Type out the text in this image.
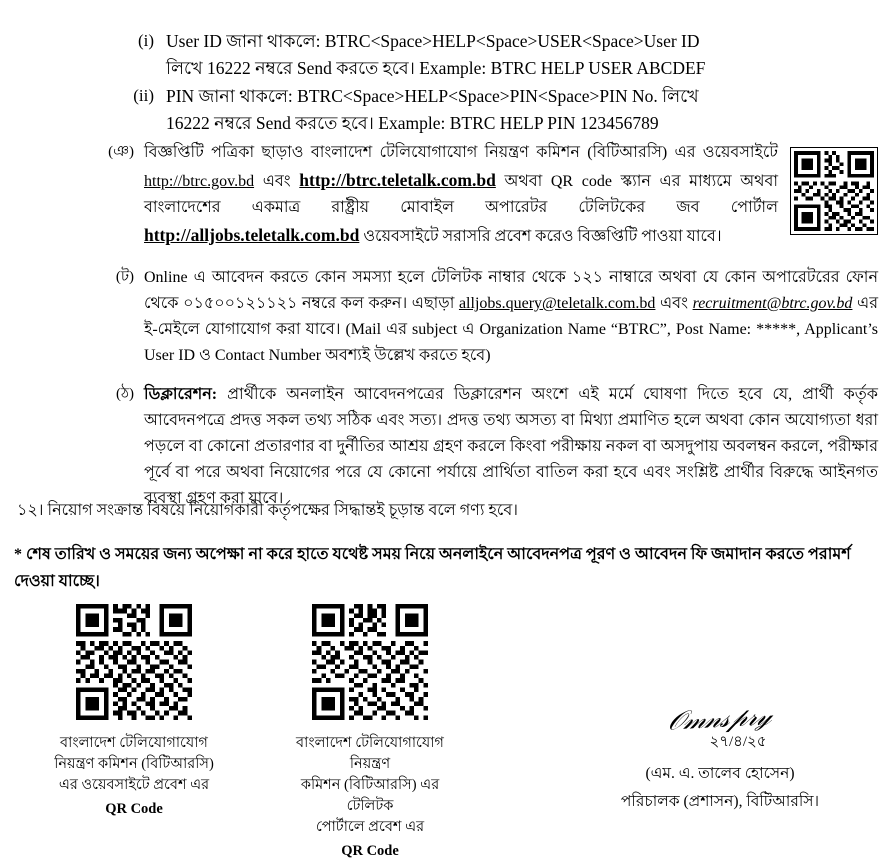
(i) User ID জানা থাকলে: BTRC<Space>HELP<Space>USER<Space>User ID
লিখে 16222 নম্বরে Send করতে হবে। Example: BTRC HELP USER ABCDEF
(ii) PIN জানা থাকলে: BTRC<Space>HELP<Space>PIN<Space>PIN No. লিখে
16222 নম্বরে Send করতে হবে। Example: BTRC HELP PIN 123456789
(ঞ) বিজ্ঞপ্তিটি পত্রিকা ছাড়াও বাংলাদেশ টেলিযোগাযোগ নিয়ন্ত্রণ কমিশন (বিটিআরসি) এর ওয়েবসাইটে http://btrc.gov.bd এবং http://btrc.teletalk.com.bd অথবা QR code স্ক্যান এর মাধ্যমে অথবা বাংলাদেশের একমাত্র রাষ্ট্রীয় মোবাইল অপারেটর টেলিটকের জব পোর্টাল http://alljobs.teletalk.com.bd ওয়েবসাইটে সরাসরি প্রবেশ করেও বিজ্ঞপ্তিটি পাওয়া যাবে।
(ট) Online এ আবেদন করতে কোন সমস্যা হলে টেলিটক নাম্বার থেকে ১২১ নাম্বারে অথবা যে কোন অপারেটরের ফোন থেকে ০১৫০০১২১১২১ নম্বরে কল করুন। এছাড়া alljobs.query@teletalk.com.bd এবং recruitment@btrc.gov.bd এর ই-মেইলে যোগাযোগ করা যাবে। (Mail এর subject এ Organization Name “BTRC”, Post Name: *****, Applicant’s User ID ও Contact Number অবশ্যই উল্লেখ করতে হবে)
(ঠ) ডিক্লারেশন: প্রার্থীকে অনলাইন আবেদনপত্রের ডিক্লারেশন অংশে এই মর্মে ঘোষণা দিতে হবে যে, প্রার্থী কর্তৃক আবেদনপত্রে প্রদত্ত সকল তথ্য সঠিক এবং সত্য। প্রদত্ত তথ্য অসত্য বা মিথ্যা প্রমাণিত হলে অথবা কোন অযোগ্যতা ধরা পড়লে বা কোনো প্রতারণার বা দুর্নীতির আশ্রয় গ্রহণ করলে কিংবা পরীক্ষায় নকল বা অসদুপায় অবলম্বন করলে, পরীক্ষার পূর্বে বা পরে অথবা নিয়োগের পরে যে কোনো পর্যায়ে প্রার্থিতা বাতিল করা হবে এবং সংশ্লিষ্ট প্রার্থীর বিরুদ্ধে আইনগত ব্যবস্থা গ্রহণ করা যাবে।
১২। নিয়োগ সংক্রান্ত বিষয়ে নিয়োগকারী কর্তৃপক্ষের সিদ্ধান্তই চূড়ান্ত বলে গণ্য হবে।
* শেষ তারিখ ও সময়ের জন্য অপেক্ষা না করে হাতে যথেষ্ট সময় নিয়ে অনলাইনে আবেদনপত্র পূরণ ও আবেদন ফি জমাদান করতে পরামর্শ দেওয়া যাচ্ছে।
বাংলাদেশ টেলিযোগাযোগ
নিয়ন্ত্রণ কমিশন (বিটিআরসি)
এর ওয়েবসাইটে প্রবেশ এর
QR Code
বাংলাদেশ টেলিযোগাযোগ নিয়ন্ত্রণ
কমিশন (বিটিআরসি) এর টেলিটক
পোর্টালে প্রবেশ এর
QR Code
𝒪𝓂𝓃𝓈𝓅𝓇𝓎
২৭/৪/২৫
(এম. এ. তালেব হোসেন)
পরিচালক (প্রশাসন), বিটিআরসি।
